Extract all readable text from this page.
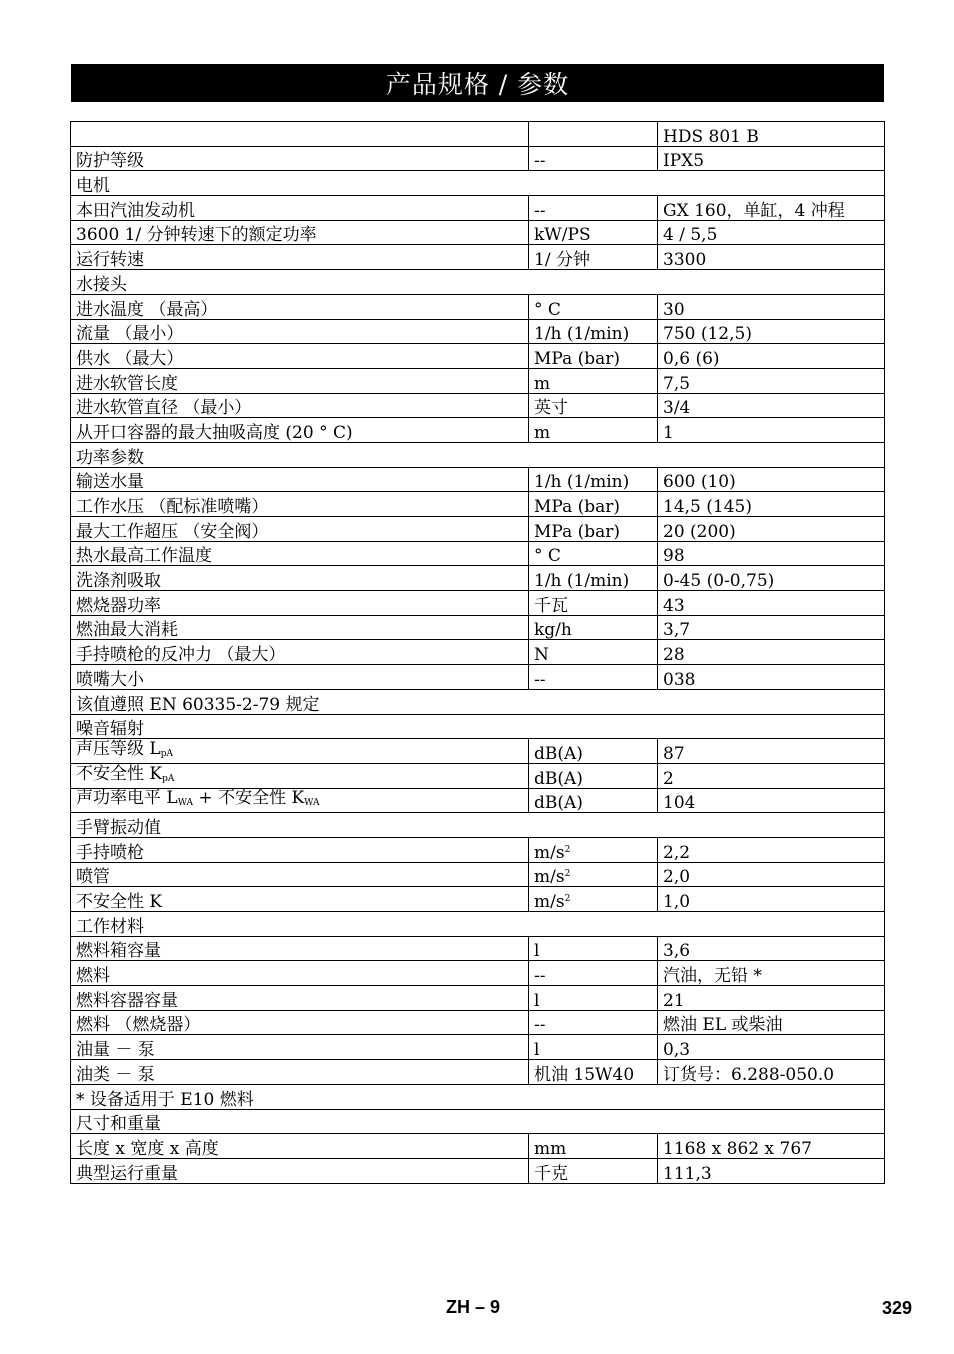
产品规格 / 参数
		HDS 801 B
防护等级	--	IPX5
电机		
本田汽油发动机	--	GX 160，单缸，4 冲程
3600 1/ 分钟转速下的额定功率	kW/PS	4 / 5,5
运行转速	1/ 分钟	3300
水接头		
进水温度 （最高）	° C	30
流量 （最小）	1/h (1/min)	750 (12,5)
供水 （最大）	MPa (bar)	0,6 (6)
进水软管长度	m	7,5
进水软管直径 （最小）	英寸	3/4
从开口容器的最大抽吸高度 (20 ° C)	m	1
功率参数		
输送水量	1/h (1/min)	600 (10)
工作水压 （配标准喷嘴）	MPa (bar)	14,5 (145)
最大工作超压 （安全阀）	MPa (bar)	20 (200)
热水最高工作温度	° C	98
洗涤剂吸取	1/h (1/min)	0-45 (0-0,75)
燃烧器功率	千瓦	43
燃油最大消耗	kg/h	3,7
手持喷枪的反冲力 （最大）	N	28
喷嘴大小	--	038
该值遵照 EN 60335-2-79 规定		
噪音辐射		
声压等级 $L_{pA}$	dB(A)	87
不安全性 $K_{pA}$	dB(A)	2
声功率电平 $L_{WA}$ + 不安全性 $K_{WA}$	dB(A)	104
手臂振动值		
手持喷枪	$m/s^2$	2,2
喷管	$m/s^2$	2,0
不安全性 K	$m/s^2$	1,0
工作材料		
燃料箱容量	l	3,6
燃料	--	汽油，无铅 *
燃料容器容量	l	21
燃料 （燃烧器）	--	燃油 EL 或柴油
油量 － 泵	l	0,3
油类 － 泵	机油 15W40	订货号：6.288-050.0
* 设备适用于 E10 燃料		
尺寸和重量		
长度 x 宽度 x 高度	mm	1168 x 862 x 767
典型运行重量	千克	111,3
ZH – 9	329
